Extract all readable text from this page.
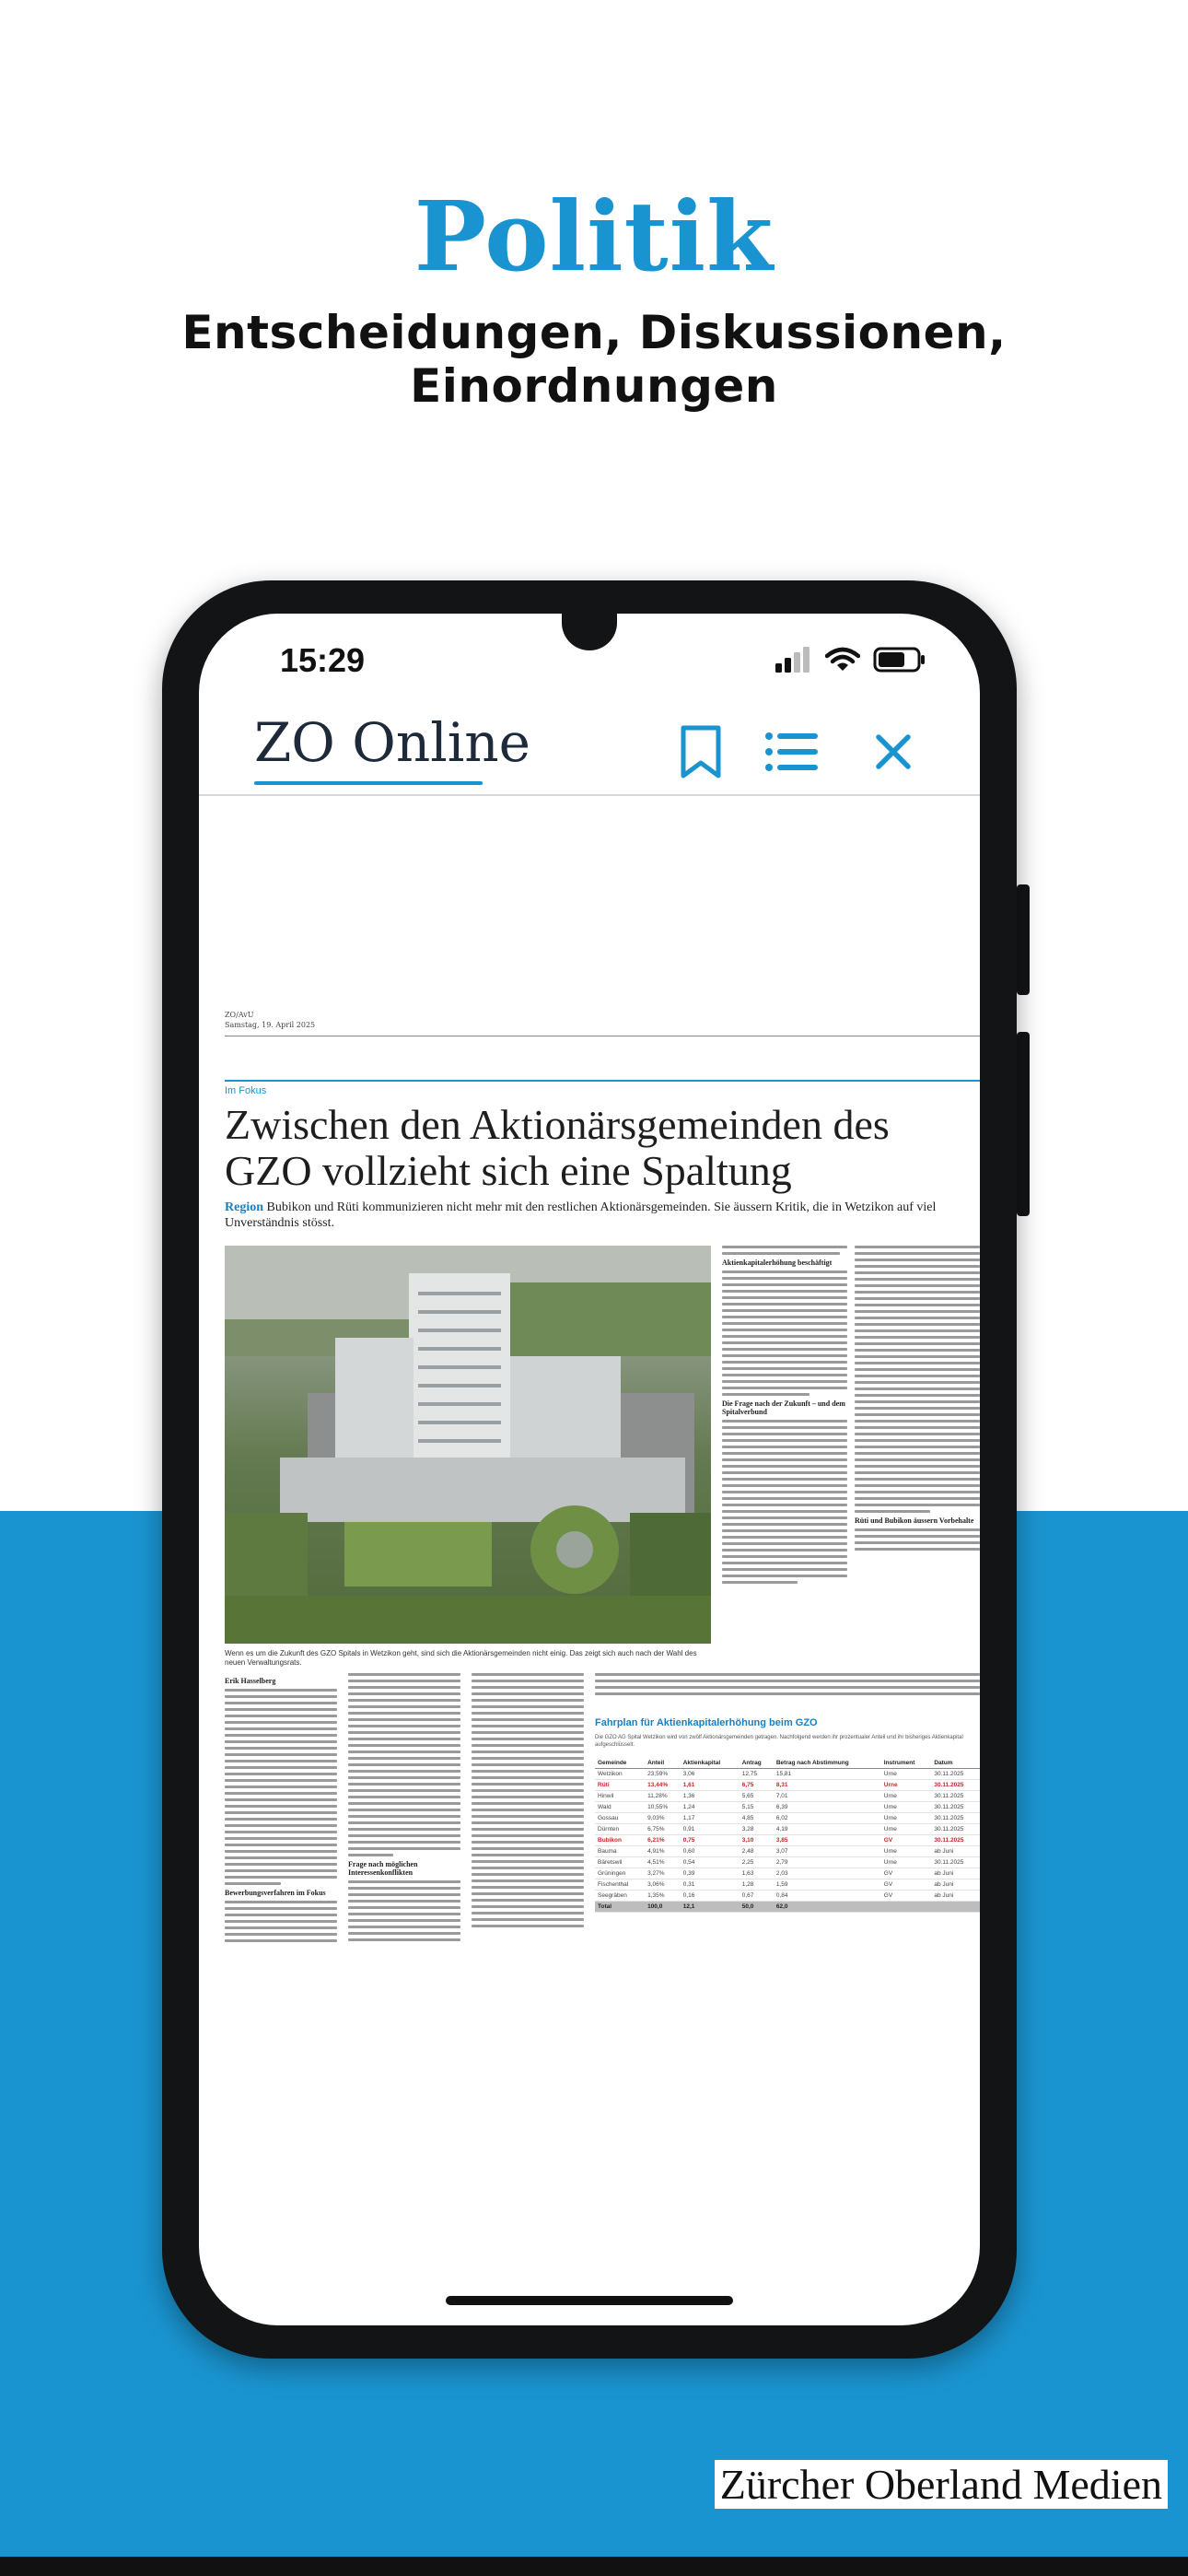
Politik
Entscheidungen, Diskussionen, Einordnungen
15:29
ZO Online
ZO/AvU
Samstag, 19. April 2025
Im Fokus
Zwischen den Aktionärsgemeinden des GZO vollzieht sich eine Spaltung
Region Bubikon und Rüti kommunizieren nicht mehr mit den restlichen Aktionärsgemeinden. Sie äussern Kritik, die in Wetzikon auf viel Unverständnis stösst.
Wenn es um die Zukunft des GZO Spitals in Wetzikon geht, sind sich die Aktionärsgemeinden nicht einig. Das zeigt sich auch nach der Wahl des neuen Verwaltungsrats.
Aktienkapitalerhöhung beschäftigt
Die Frage nach der Zukunft – und dem Spitalverbund
Rüti und Bubikon äussern Vorbehalte
Erik Hasselberg
Bewerbungsverfahren im Fokus
Frage nach möglichen Interessenkonflikten
Fahrplan für Aktienkapitalerhöhung beim GZO
Die GZO AG Spital Wetzikon wird von zwölf Aktionärsgemeinden getragen. Nachfolgend werden ihr prozentualer Anteil und ihr bisheriges Aktienkapital aufgeschlüsselt.
Gemeinde	Anteil	Aktienkapital	Antrag	Betrag nach Abstimmung	Instrument	Datum
Wetzikon	23,59%	3,06	12,75	15,81	Urne	30.11.2025
Rüti	13,44%	1,61	6,75	8,31	Urne	30.11.2025
Hinwil	11,28%	1,36	5,65	7,01	Urne	30.11.2025
Wald	10,55%	1,24	5,15	6,39	Urne	30.11.2025
Gossau	9,03%	1,17	4,85	6,02	Urne	30.11.2025
Dürnten	6,75%	0,91	3,28	4,19	Urne	30.11.2025
Bubikon	6,21%	0,75	3,10	3,85	GV	30.11.2025
Bauma	4,91%	0,60	2,48	3,07	Urne	ab Juni
Bäretswil	4,51%	0,54	2,25	2,79	Urne	30.11.2025
Grüningen	3,27%	0,39	1,63	2,03	GV	ab Juni
Fischenthal	3,06%	0,31	1,28	1,59	GV	ab Juni
Seegräben	1,35%	0,16	0,67	0,84	GV	ab Juni
Total	100,0	12,1	50,0	62,0		
Zürcher Oberland Medien
